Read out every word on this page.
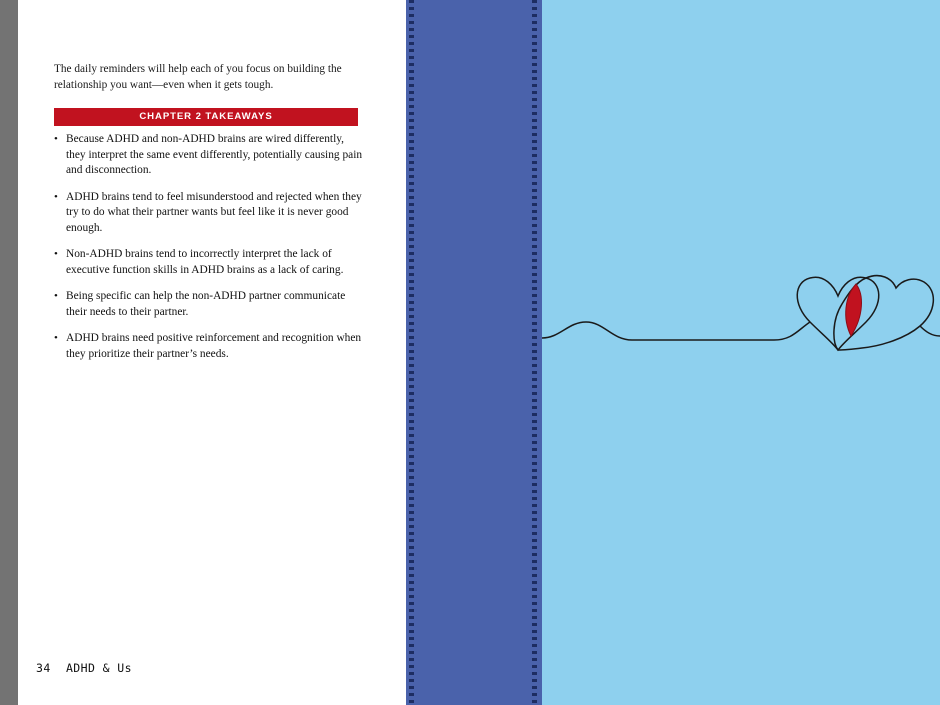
The daily reminders will help each of you focus on building the relationship you want—even when it gets tough.

CHAPTER 2 TAKEAWAYS
• Because ADHD and non-ADHD brains are wired differently, they interpret the same event differently, potentially causing pain and disconnection.
• ADHD brains tend to feel misunderstood and rejected when they try to do what their partner wants but feel like it is never good enough.
• Non-ADHD brains tend to incorrectly interpret the lack of executive function skills in ADHD brains as a lack of caring.
• Being specific can help the non-ADHD partner communicate their needs to their partner.
• ADHD brains need positive reinforcement and recognition when they prioritize their partner’s needs.
34 ADHD & Us
